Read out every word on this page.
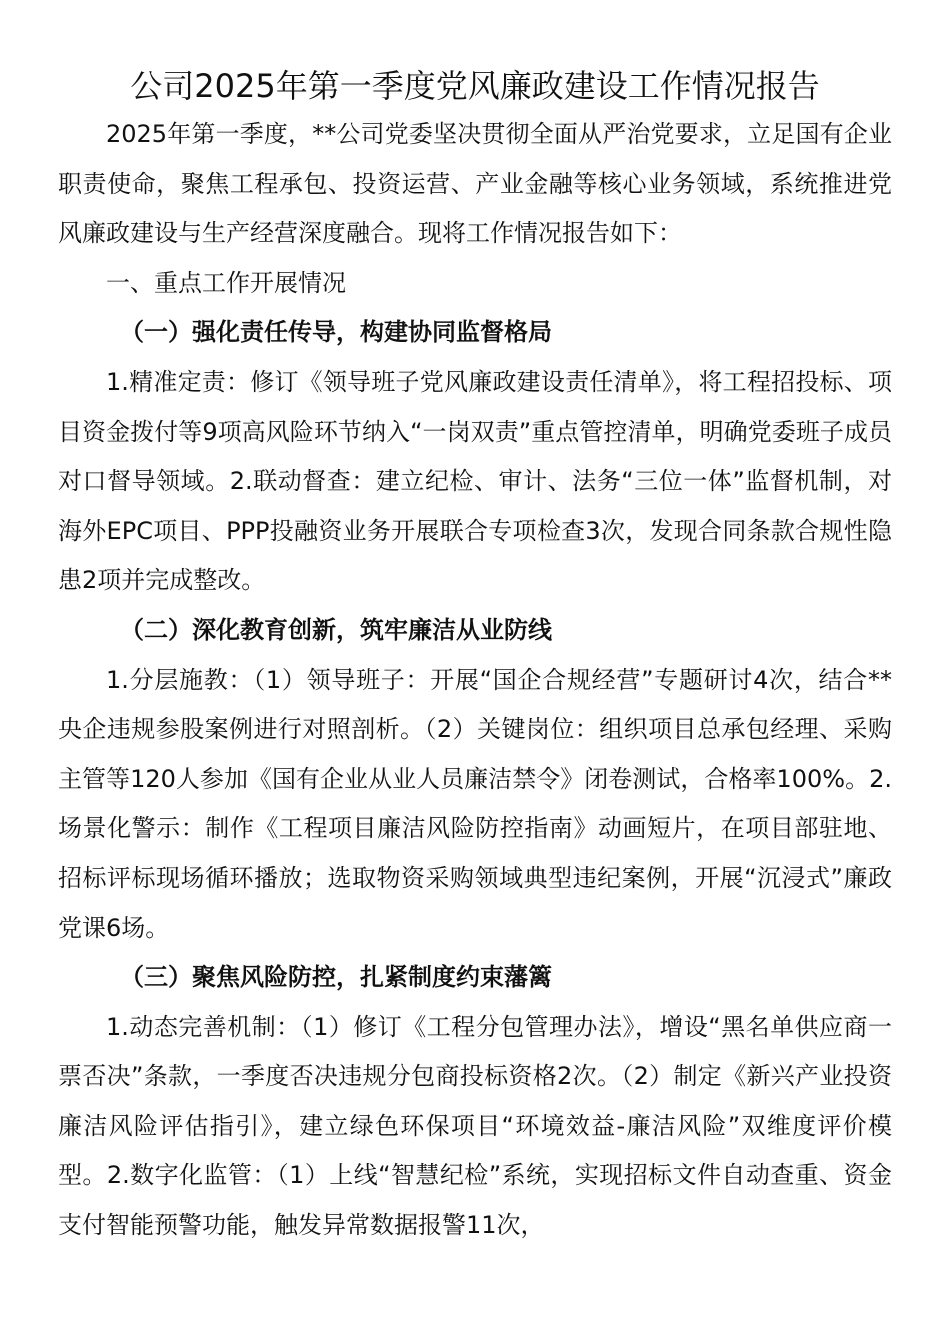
公司2025年第一季度党风廉政建设工作情况报告

2025年第一季度，**公司党委坚决贯彻全面从严治党要求，立足国有企业职责使命，聚焦工程承包、投资运营、产业金融等核心业务领域，系统推进党风廉政建设与生产经营深度融合。现将工作情况报告如下：

一、重点工作开展情况

（一）强化责任传导，构建协同监督格局

1.精准定责：修订《领导班子党风廉政建设责任清单》，将工程招投标、项目资金拨付等9项高风险环节纳入“一岗双责”重点管控清单，明确党委班子成员对口督导领域。2.联动督查：建立纪检、审计、法务“三位一体”监督机制，对海外EPC项目、PPP投融资业务开展联合专项检查3次，发现合同条款合规性隐患2项并完成整改。

（二）深化教育创新，筑牢廉洁从业防线

1.分层施教：（1）领导班子：开展“国企合规经营”专题研讨4次，结合**央企违规参股案例进行对照剖析。（2）关键岗位：组织项目总承包经理、采购主管等120人参加《国有企业从业人员廉洁禁令》闭卷测试，合格率100%。2.场景化警示：制作《工程项目廉洁风险防控指南》动画短片，在项目部驻地、招标评标现场循环播放；选取物资采购领域典型违纪案例，开展“沉浸式”廉政党课6场。

（三）聚焦风险防控，扎紧制度约束藩篱

1.动态完善机制：（1）修订《工程分包管理办法》，增设“黑名单供应商一票否决”条款，一季度否决违规分包商投标资格2次。（2）制定《新兴产业投资廉洁风险评估指引》，建立绿色环保项目“环境效益-廉洁风险”双维度评价模型。2.数字化监管：（1）上线“智慧纪检”系统，实现招标文件自动查重、资金支付智能预警功能，触发异常数据报警11次，
